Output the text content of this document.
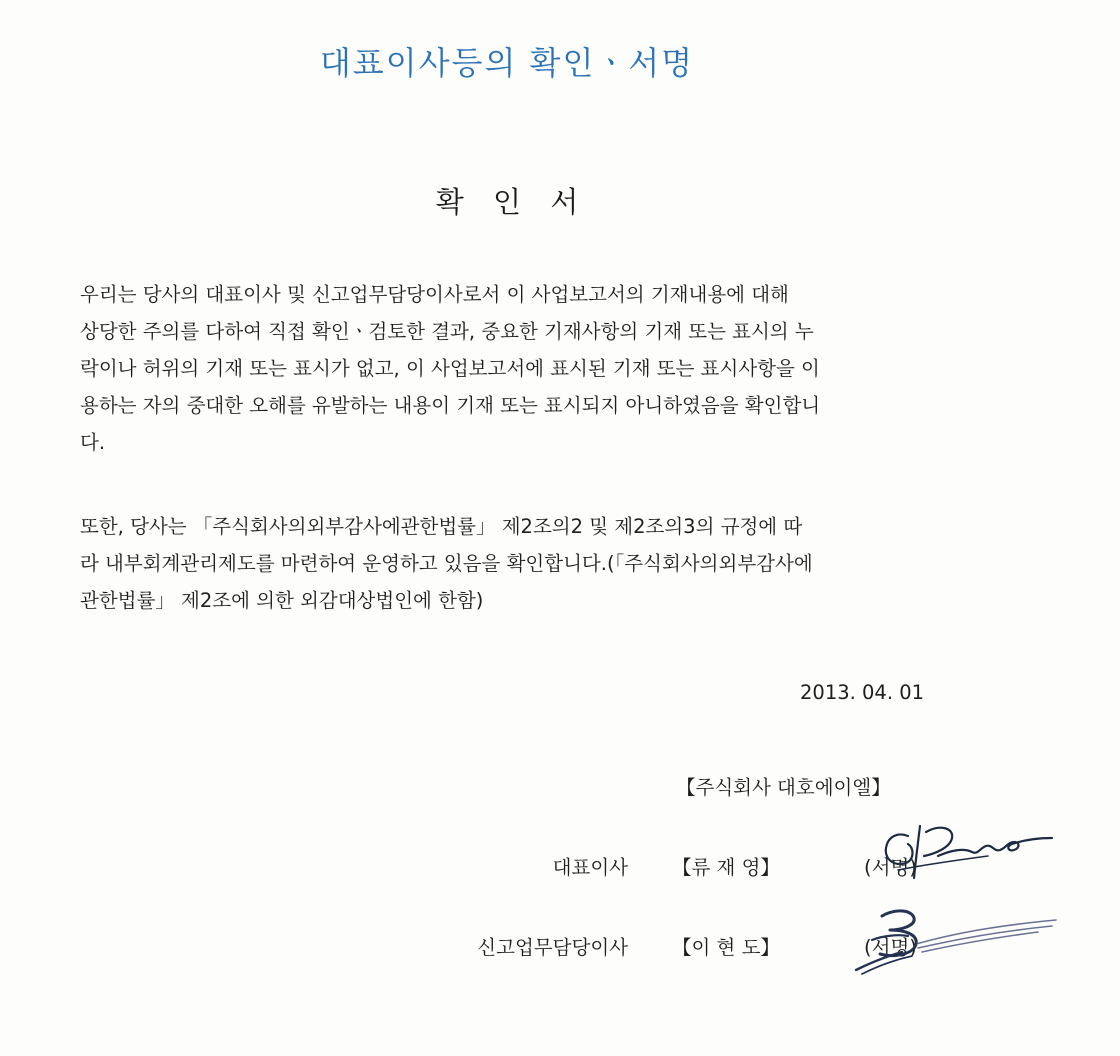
대표이사등의 확인ㆍ서명
확 인 서

우리는 당사의 대표이사 및 신고업무담당이사로서 이 사업보고서의 기재내용에 대해
상당한 주의를 다하여 직접 확인ㆍ검토한 결과, 중요한 기재사항의 기재 또는 표시의 누
락이나 허위의 기재 또는 표시가 없고, 이 사업보고서에 표시된 기재 또는 표시사항을 이
용하는 자의 중대한 오해를 유발하는 내용이 기재 또는 표시되지 아니하였음을 확인합니
다.

또한, 당사는 「주식회사의외부감사에관한법률」 제2조의2 및 제2조의3의 규정에 따
라 내부회계관리제도를 마련하여 운영하고 있음을 확인합니다.(「주식회사의외부감사에
관한법률」 제2조에 의한 외감대상법인에 한함)

2013. 04. 01
【주식회사 대호에이엘】
대표이사 【류 재 영】	(서명)
신고업무담당이사 【이 현 도】	(서명)
